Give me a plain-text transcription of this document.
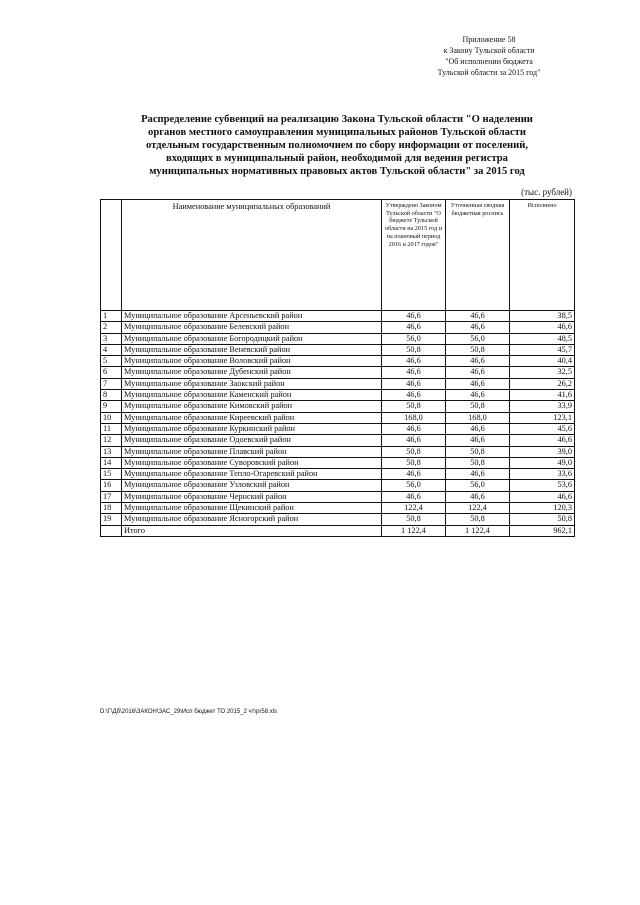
Приложение 58
к Закону Тульской области
"Об исполнении бюджета
Тульской области за 2015 год"
Распределение субвенций на реализацию Закона Тульской области "О наделении
органов местного самоуправления муниципальных районов Тульской области
отдельным государственным полномочием по сбору информации от поселений,
входящих в муниципальный район, необходимой для ведения регистра
муниципальных нормативных правовых актов Тульской области" за 2015 год
(тыс. рублей)
	Наименование муниципальных образований	Утверждено Законом Тульской области "О бюджете Тульской области на 2015 год и на плановый период 2016 и 2017 годов"	Уточненная сводная бюджетная роспись	Исполнено
1	Муниципальное образование Арсеньевский район	46,6	46,6	38,5
2	Муниципальное образование Белевский район	46,6	46,6	46,6
3	Муниципальное образование Богородицкий район	56,0	56,0	48,5
4	Муниципальное образование Веневский район	50,8	50,8	45,7
5	Муниципальное образование Воловский район	46,6	46,6	40,4
6	Муниципальное образование Дубенский район	46,6	46,6	32,5
7	Муниципальное образование Заокский район	46,6	46,6	26,2
8	Муниципальное образование Каменский район	46,6	46,6	41,6
9	Муниципальное образование Кимовский район	50,8	50,8	33,9
10	Муниципальное образование Киреевский район	168,0	168,0	123,1
11	Муниципальное образование Куркинский район	46,6	46,6	45,6
12	Муниципальное образование Одоевский район	46,6	46,6	46,6
13	Муниципальное образование Плавский район	50,8	50,8	39,0
14	Муниципальное образование Суворовский район	50,8	50,8	49,0
15	Муниципальное образование Тепло-Огаревский район	46,6	46,6	33,6
16	Муниципальное образование Узловский район	56,0	56,0	53,6
17	Муниципальное образование Чернский район	46,6	46,6	46,6
18	Муниципальное образование Щекинский район	122,4	122,4	120,3
19	Муниципальное образование Ясногорский район	50,8	50,8	50,8
	Итого	1 122,4	1 122,4	962,1
D:\Г\Дб\2016\ЗАКОН\ЗАС_29\Исп бюджет ТО 2015_2 чт\pr58.xls
